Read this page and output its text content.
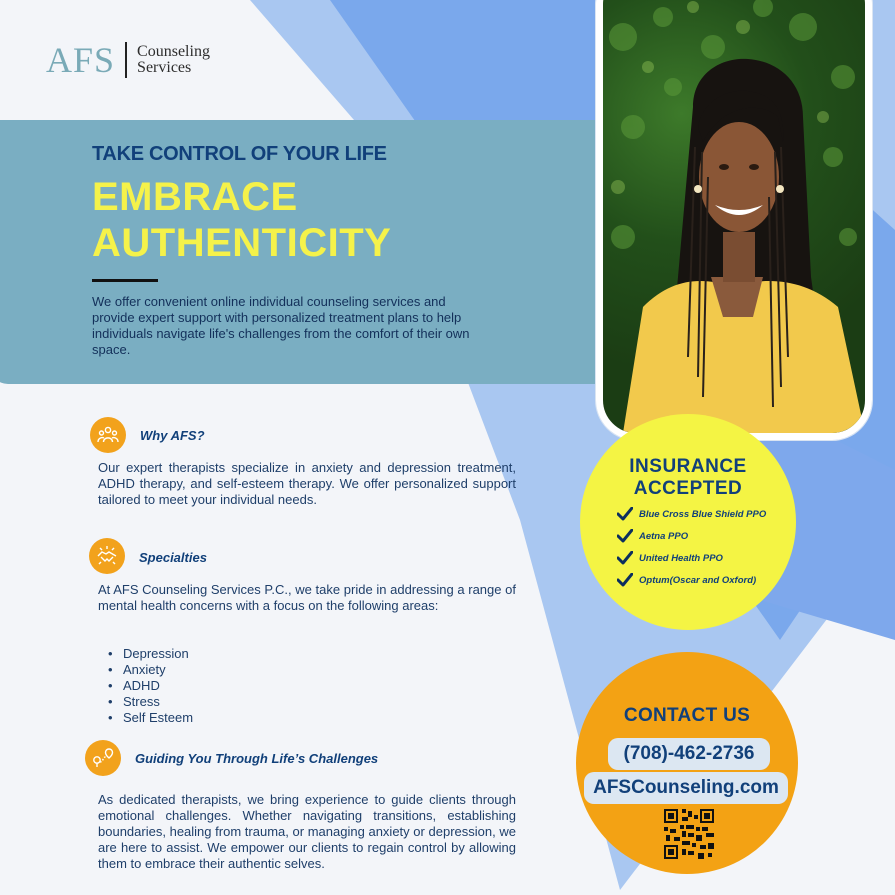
AFS Counseling
Services
TAKE CONTROL OF YOUR LIFE
EMBRACE
AUTHENTICITY

We offer convenient online individual counseling services and provide expert support with personalized treatment plans to help individuals navigate life's challenges from the comfort of their own space.

Why AFS?

Our expert therapists specialize in anxiety and depression treatment, ADHD therapy, and self-esteem therapy. We offer personalized support tailored to meet your individual needs.

Specialties

At AFS Counseling Services P.C., we take pride in addressing a range of mental health concerns with a focus on the following areas:

• Depression
• Anxiety
• ADHD
• Stress
• Self Esteem
Guiding You Through Life’s Challenges

As dedicated therapists, we bring experience to guide clients through emotional challenges. Whether navigating transitions, establishing boundaries, healing from trauma, or managing anxiety or depression, we are here to assist. We empower our clients to regain control by allowing them to embrace their authentic selves.

INSURANCE
ACCEPTED
Blue Cross Blue Shield PPO
Aetna PPO
United Health PPO
Optum(Oscar and Oxford)
CONTACT US
(708)-462-2736
AFSCounseling.com
